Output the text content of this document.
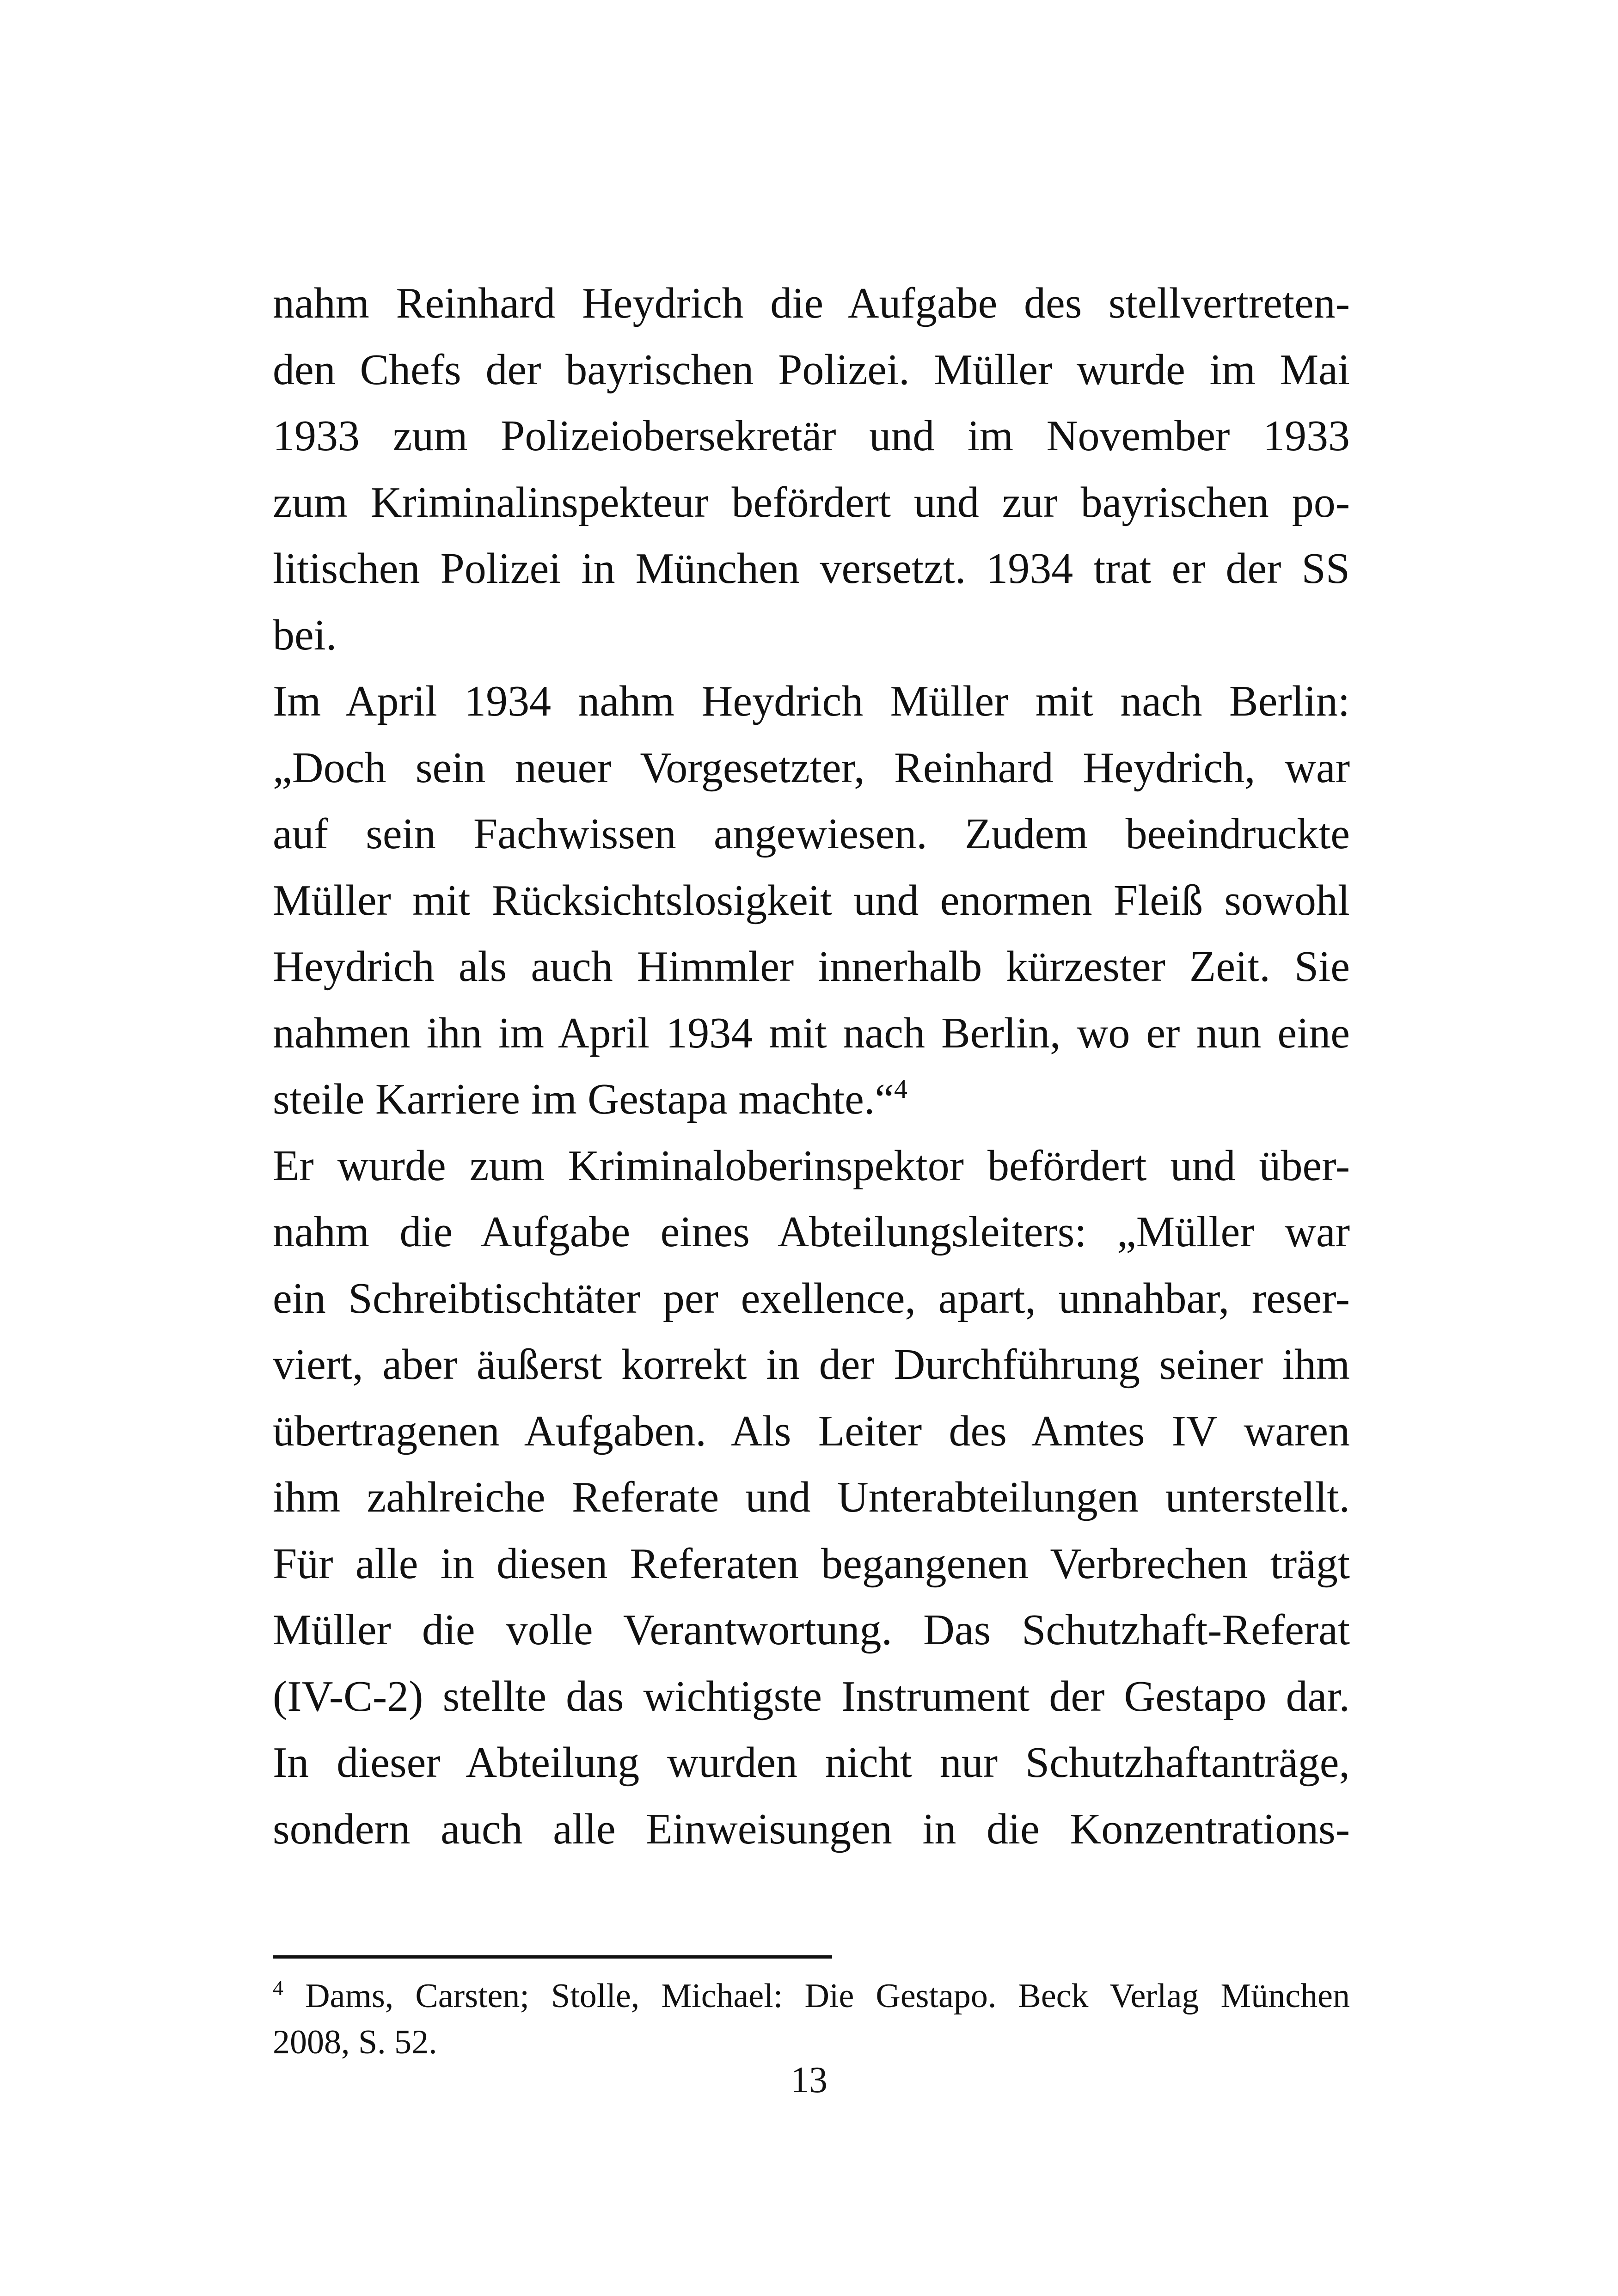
nahm Reinhard Heydrich die Aufgabe des stellvertreten-
den Chefs der bayrischen Polizei. Müller wurde im Mai
1933 zum Polizeiobersekretär und im November 1933
zum Kriminalinspekteur befördert und zur bayrischen po-
litischen Polizei in München versetzt. 1934 trat er der SS
bei.
Im April 1934 nahm Heydrich Müller mit nach Berlin:
„Doch sein neuer Vorgesetzter, Reinhard Heydrich, war
auf sein Fachwissen angewiesen. Zudem beeindruckte
Müller mit Rücksichtslosigkeit und enormen Fleiß sowohl
Heydrich als auch Himmler innerhalb kürzester Zeit. Sie
nahmen ihn im April 1934 mit nach Berlin, wo er nun eine
steile Karriere im Gestapa machte.“$^4$
Er wurde zum Kriminaloberinspektor befördert und über-
nahm die Aufgabe eines Abteilungsleiters: „Müller war
ein Schreibtischtäter per exellence, apart, unnahbar, reser-
viert, aber äußerst korrekt in der Durchführung seiner ihm
übertragenen Aufgaben. Als Leiter des Amtes IV waren
ihm zahlreiche Referate und Unterabteilungen unterstellt.
Für alle in diesen Referaten begangenen Verbrechen trägt
Müller die volle Verantwortung. Das Schutzhaft-Referat
(IV-C-2) stellte das wichtigste Instrument der Gestapo dar.
In dieser Abteilung wurden nicht nur Schutzhaftanträge,
sondern auch alle Einweisungen in die Konzentrations-
$^4$ Dams, Carsten; Stolle, Michael: Die Gestapo. Beck Verlag München
2008, S. 52.
13
